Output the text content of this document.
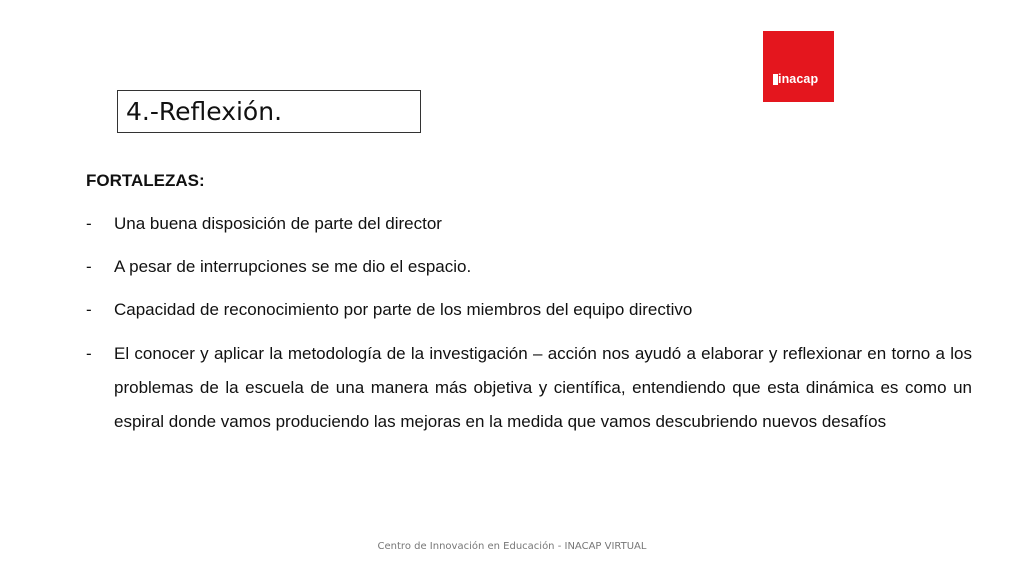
inacap
4.-Reflexión.
FORTALEZAS:
- Una buena disposición de parte del director
- A pesar de interrupciones se me dio el espacio.
- Capacidad de reconocimiento por parte de los miembros del equipo directivo
- El conocer y aplicar la metodología de la investigación – acción nos ayudó a elaborar y reflexionar en torno a los problemas de la escuela de una manera más objetiva y científica, entendiendo que esta dinámica es como un espiral donde vamos produciendo las mejoras en la medida que vamos descubriendo nuevos desafíos
Centro de Innovación en Educación - INACAP VIRTUAL
